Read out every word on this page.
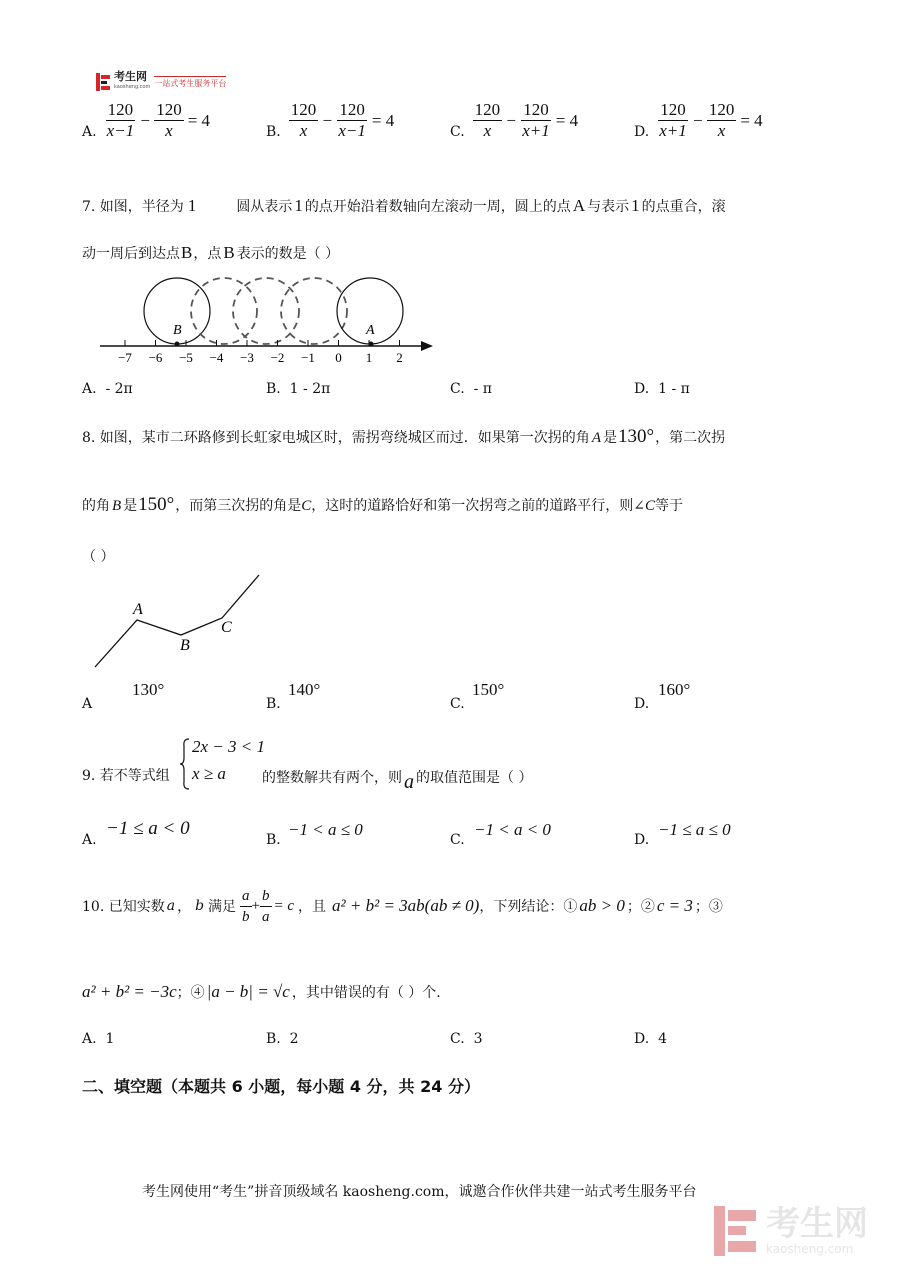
考生网
kaosheng.com 一站式考生服务平台
A. $\frac{120}{x-1} - \frac{120}{x} = 4$
B. $\frac{120}{x} - \frac{120}{x-1} = 4$
C. $\frac{120}{x} - \frac{120}{x+1} = 4$
D. $\frac{120}{x+1} - \frac{120}{x} = 4$
7. 如图，半径为 1	圆从表示 1 的点开始沿着数轴向左滚动一周，圆上的点 A 与表示 1 的点重合，滚
动一周后到达点B，点 B 表示的数是（ ）
−7 −6 −5 −4 −3 −2 −1 0 1 2
B	A
A. - 2π	B. 1 - 2π	C. - π	D. 1 - π
8. 如图，某市二环路修到长虹家电城区时，需拐弯绕城区而过．如果第一次拐的角 A 是130°，第二次拐
的角 B 是150°，而第三次拐的角是C，这时的道路恰好和第一次拐弯之前的道路平行，则∠C等于
（ ）
A
B
C
A
130°
B.
140°
C.
150°
D.
160°
9. 若不等式组
2x − 3 < 1
x ≥ a	的整数解共有两个，则 a 的取值范围是（ ）
A.
−1 ≤ a < 0
B.
−1 < a ≤ 0
C.
−1 < a < 0
D.
−1 ≤ a ≤ 0
10. 已知实数 a ， b 满足 $\frac{a}{b} + \frac{b}{a} = c$ ，且 a² + b² = 3ab(ab ≠ 0) ，下列结论：① ab > 0 ；② c = 3 ；③
a² + b² = −3c ；④ |a − b| = √c ，其中错误的有（ ）个.
A. 1	B. 2	C. 3	D. 4
二、填空题（本题共 6 小题，每小题 4 分，共 24 分）
考生网使用“考生”拼音顶级域名 kaosheng.com，诚邀合作伙伴共建一站式考生服务平台
考生网
kaosheng.com
